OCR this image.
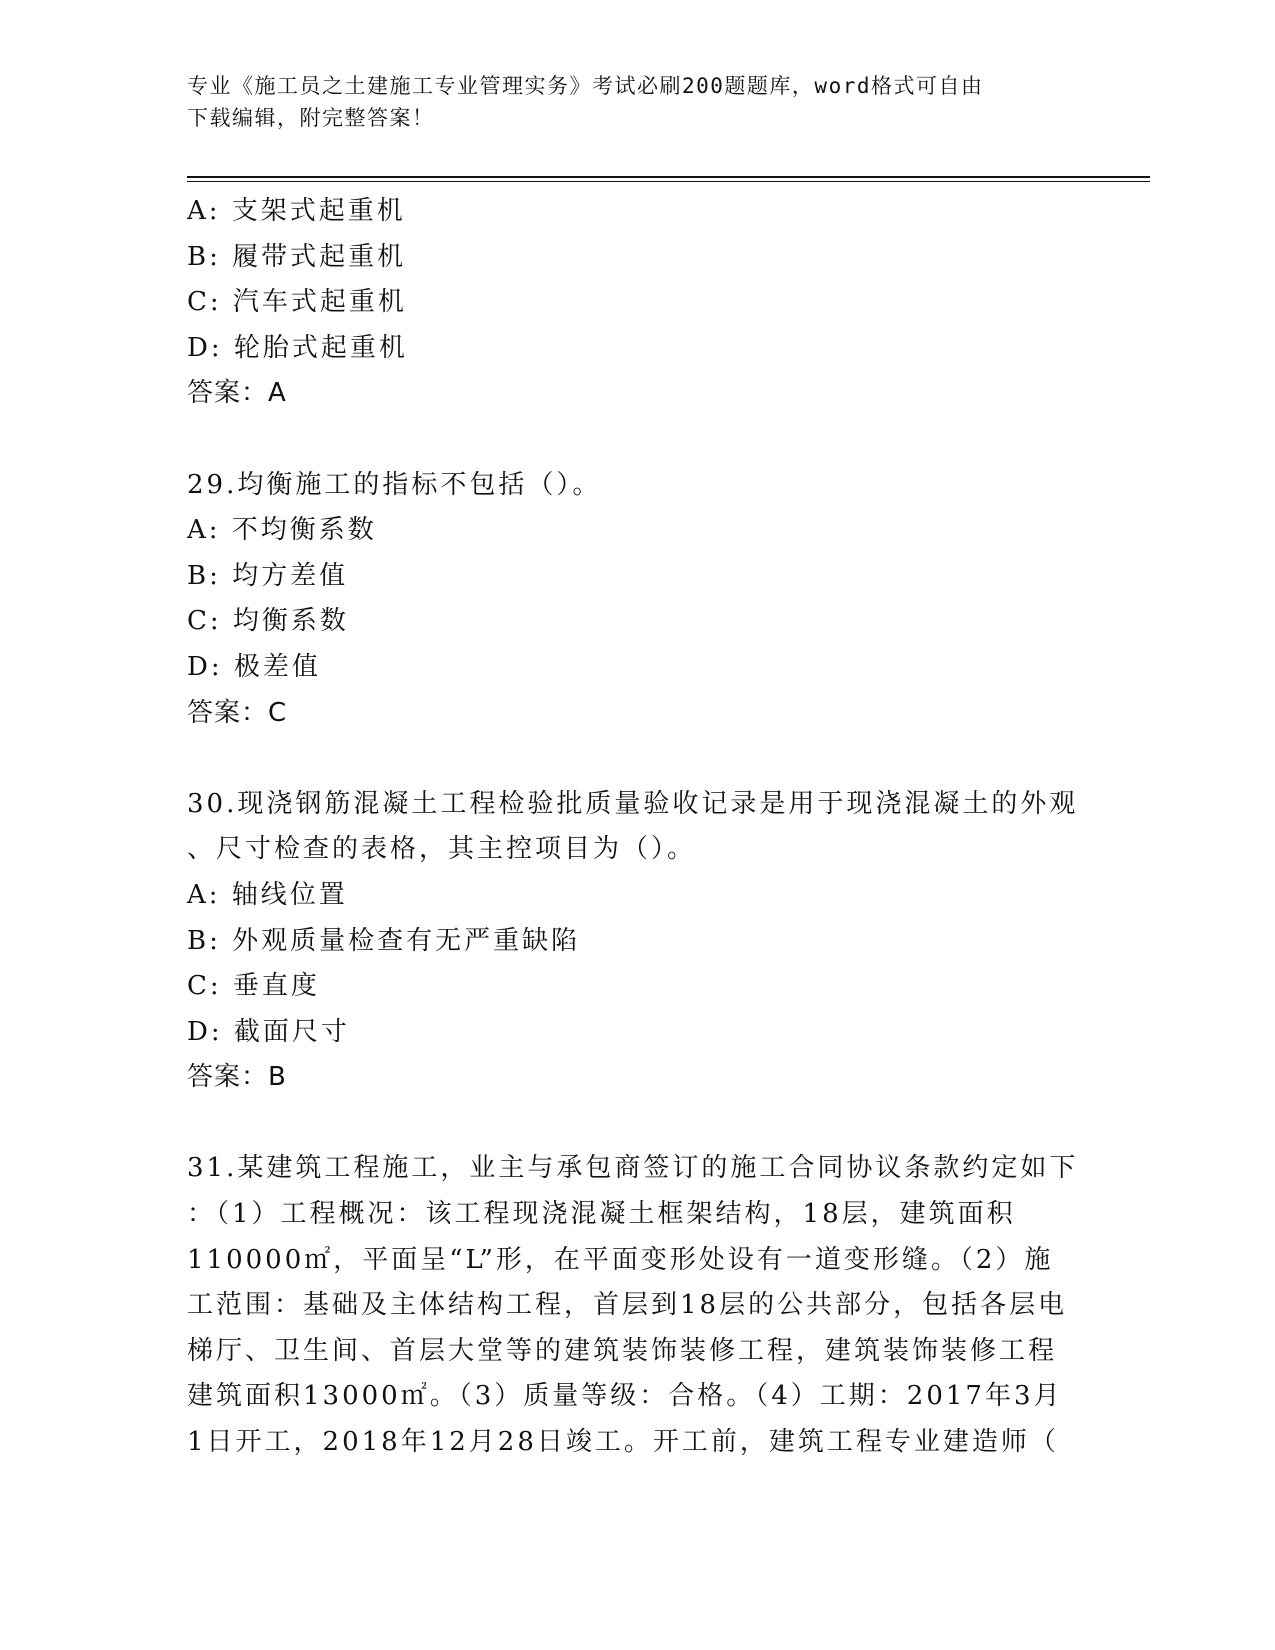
专业《施工员之土建施工专业管理实务》考试必刷200题题库，word格式可自由
下载编辑，附完整答案！
A: 支架式起重机
B: 履带式起重机
C: 汽车式起重机
D: 轮胎式起重机
答案：A
29.均衡施工的指标不包括（）。
A: 不均衡系数
B: 均方差值
C: 均衡系数
D: 极差值
答案：C
30.现浇钢筋混凝土工程检验批质量验收记录是用于现浇混凝土的外观
、尺寸检查的表格，其主控项目为（）。
A: 轴线位置
B: 外观质量检查有无严重缺陷
C: 垂直度
D: 截面尺寸
答案：B
31.某建筑工程施工，业主与承包商签订的施工合同协议条款约定如下
：（1）工程概况：该工程现浇混凝土框架结构，18层，建筑面积
110000㎡，平面呈“L”形，在平面变形处设有一道变形缝。（2）施
工范围：基础及主体结构工程，首层到18层的公共部分，包括各层电
梯厅、卫生间、首层大堂等的建筑装饰装修工程，建筑装饰装修工程
建筑面积13000㎡。（3）质量等级：合格。（4）工期：2017年3月
1日开工，2018年12月28日竣工。开工前，建筑工程专业建造师（
